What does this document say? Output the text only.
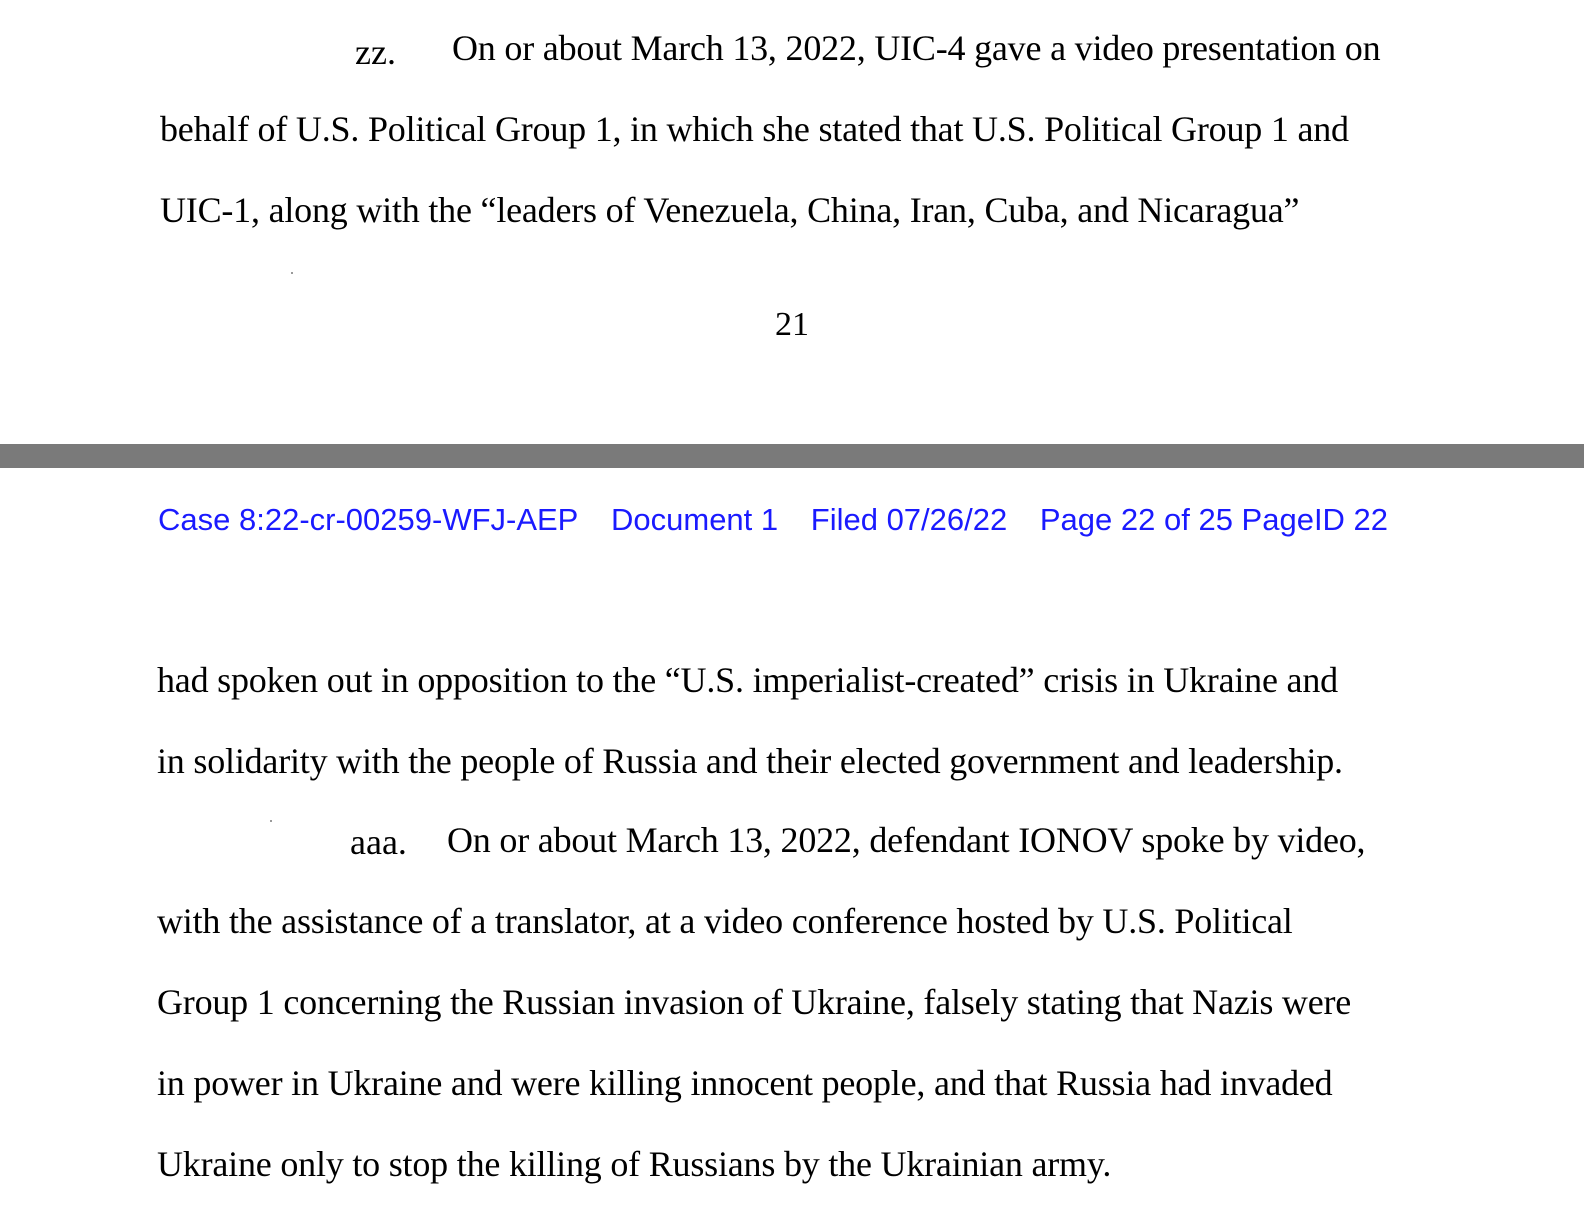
zz. On or about March 13, 2022, UIC-4 gave a video presentation on
behalf of U.S. Political Group 1, in which she stated that U.S. Political Group 1 and
UIC-1, along with the “leaders of Venezuela, China, Iran, Cuba, and Nicaragua”
21
Case 8:22-cr-00259-WFJ-AEP Document 1 Filed 07/26/22 Page 22 of 25 PageID 22
had spoken out in opposition to the “U.S. imperialist-created” crisis in Ukraine and
in solidarity with the people of Russia and their elected government and leadership.
aaa. On or about March 13, 2022, defendant IONOV spoke by video,
with the assistance of a translator, at a video conference hosted by U.S. Political
Group 1 concerning the Russian invasion of Ukraine, falsely stating that Nazis were
in power in Ukraine and were killing innocent people, and that Russia had invaded
Ukraine only to stop the killing of Russians by the Ukrainian army.
